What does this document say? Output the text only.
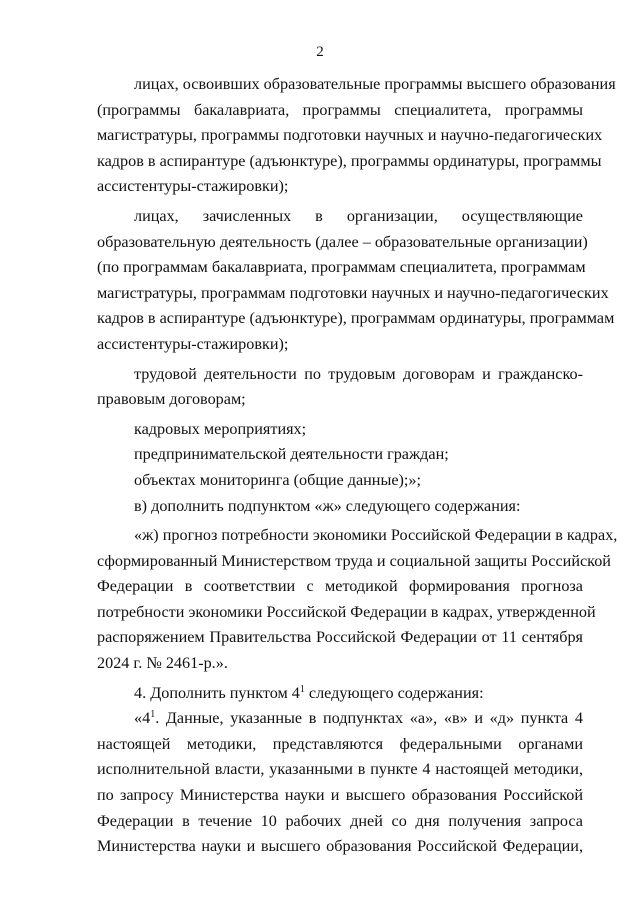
2
лицах, освоивших образовательные программы высшего образования
(программы бакалавриата, программы специалитета, программы
магистратуры, программы подготовки научных и научно-педагогических
кадров в аспирантуре (адъюнктуре), программы ординатуры, программы
ассистентуры-стажировки);
лицах, зачисленных в организации, осуществляющие
образовательную деятельность (далее – образовательные организации)
(по программам бакалавриата, программам специалитета, программам
магистратуры, программам подготовки научных и научно-педагогических
кадров в аспирантуре (адъюнктуре), программам ординатуры, программам
ассистентуры-стажировки);
трудовой деятельности по трудовым договорам и гражданско-
правовым договорам;
кадровых мероприятиях;
предпринимательской деятельности граждан;
объектах мониторинга (общие данные);»;
в) дополнить подпунктом «ж» следующего содержания:
«ж) прогноз потребности экономики Российской Федерации в кадрах,
сформированный Министерством труда и социальной защиты Российской
Федерации в соответствии с методикой формирования прогноза
потребности экономики Российской Федерации в кадрах, утвержденной
распоряжением Правительства Российской Федерации от 11 сентября
2024 г. № 2461-р.».
4. Дополнить пунктом $4^1$ следующего содержания:
«$4^1$. Данные, указанные в подпунктах «а», «в» и «д» пункта 4
настоящей методики, представляются федеральными органами
исполнительной власти, указанными в пункте 4 настоящей методики,
по запросу Министерства науки и высшего образования Российской
Федерации в течение 10 рабочих дней со дня получения запроса
Министерства науки и высшего образования Российской Федерации,
